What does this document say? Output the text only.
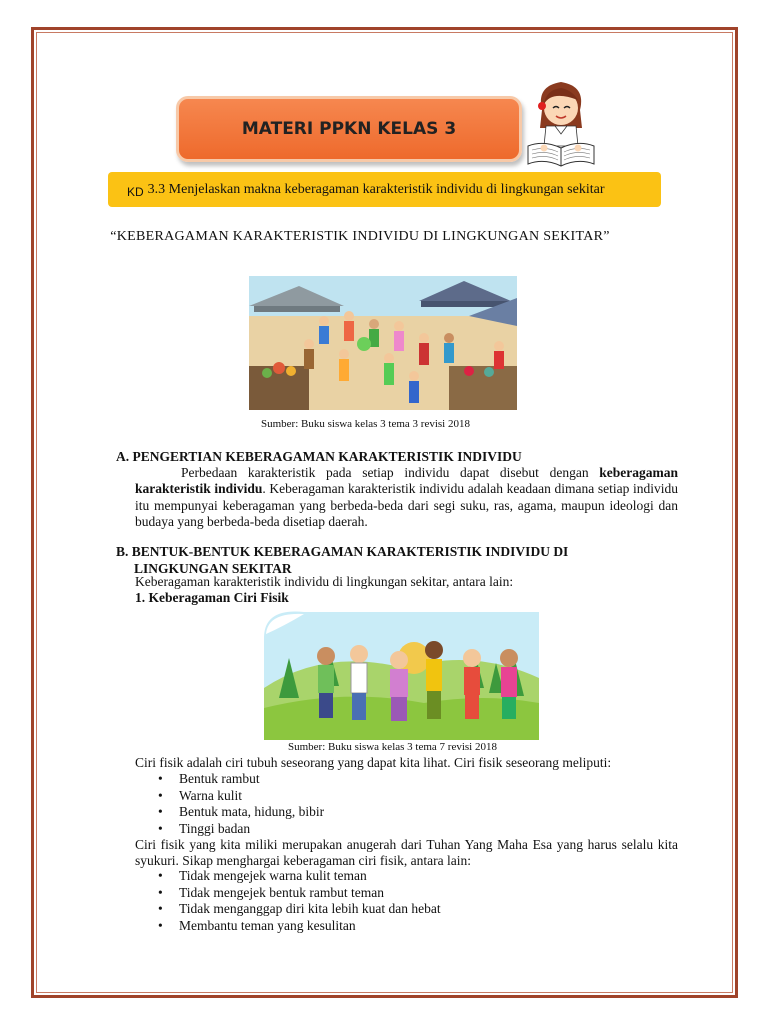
MATERI PPKN KELAS 3
KD 3.3 Menjelaskan makna keberagaman karakteristik individu di lingkungan sekitar
“KEBERAGAMAN KARAKTERISTIK INDIVIDU DI LINGKUNGAN SEKITAR”
Sumber: Buku siswa kelas 3 tema 3 revisi 2018
A. PENGERTIAN KEBERAGAMAN KARAKTERISTIK INDIVIDU
Perbedaan karakteristik pada setiap individu dapat disebut dengan keberagaman karakteristik individu. Keberagaman karakteristik individu adalah keadaan dimana setiap individu itu mempunyai keberagaman yang berbeda-beda dari segi suku, ras, agama, maupun ideologi dan budaya yang berbeda-beda disetiap daerah.
B. BENTUK-BENTUK KEBERAGAMAN KARAKTERISTIK INDIVIDU DI
LINGKUNGAN SEKITAR
Keberagaman karakteristik individu di lingkungan sekitar, antara lain:
1. Keberagaman Ciri Fisik
Sumber: Buku siswa kelas 3 tema 7 revisi 2018
Ciri fisik adalah ciri tubuh seseorang yang dapat kita lihat. Ciri fisik seseorang meliputi:
• Bentuk rambut
• Warna kulit
• Bentuk mata, hidung, bibir
• Tinggi badan
Ciri fisik yang kita miliki merupakan anugerah dari Tuhan Yang Maha Esa yang harus selalu kita syukuri. Sikap menghargai keberagaman ciri fisik, antara lain:
• Tidak mengejek warna kulit teman
• Tidak mengejek bentuk rambut teman
• Tidak menganggap diri kita lebih kuat dan hebat
• Membantu teman yang kesulitan
